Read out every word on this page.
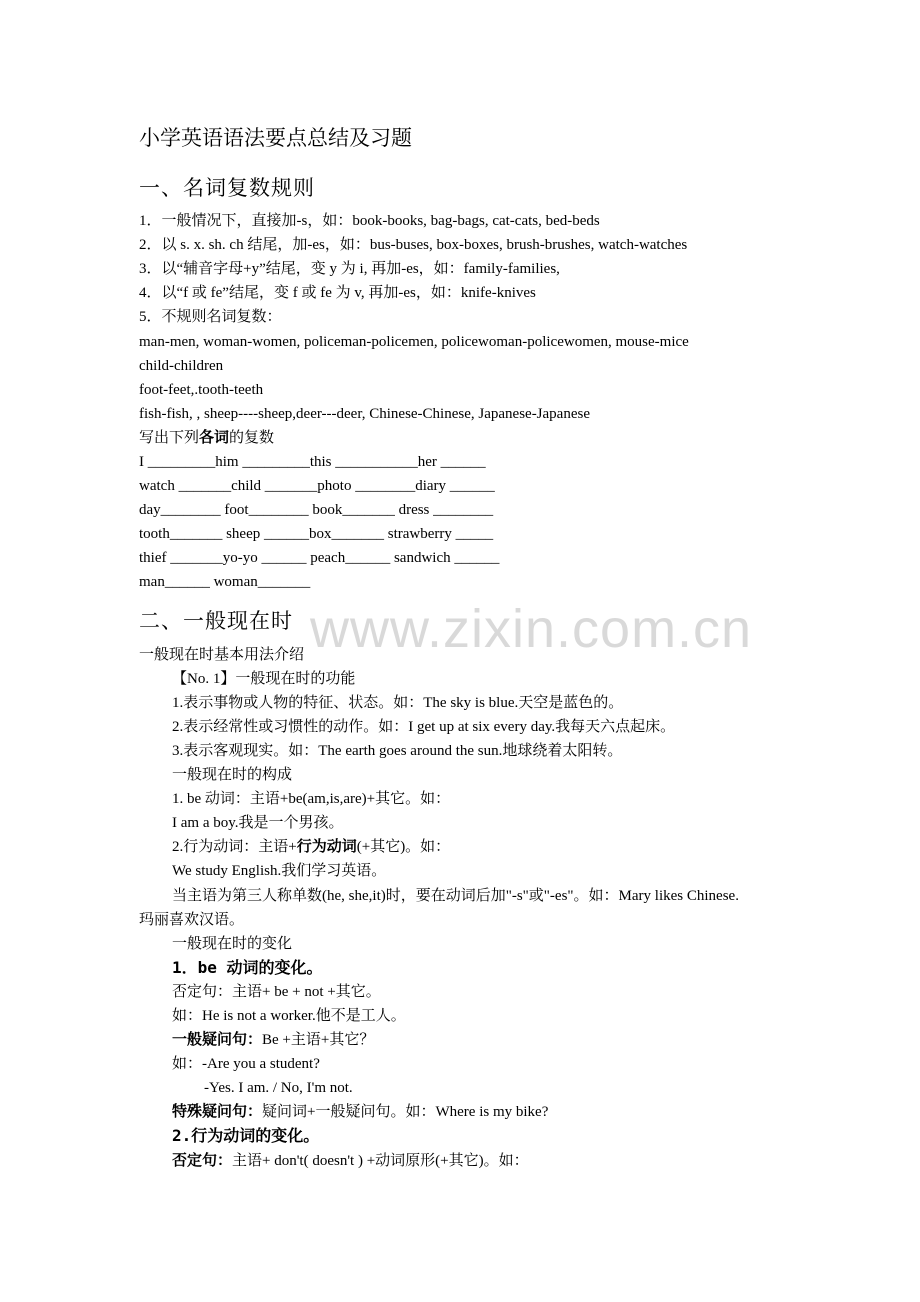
www.zixin.com.cn
小学英语语法要点总结及习题
一、名词复数规则

1．一般情况下，直接加-s，如：book-books, bag-bags, cat-cats, bed-beds

2．以 s. x. sh. ch 结尾，加-es，如：bus-buses, box-boxes, brush-brushes, watch-watches

3．以“辅音字母+y”结尾，变 y 为 i, 再加-es，如：family-families,

4．以“f 或 fe”结尾，变 f 或 fe 为 v, 再加-es，如：knife-knives

5．不规则名词复数：

man-men, woman-women, policeman-policemen, policewoman-policewomen, mouse-mice

child-children

foot-feet,.tooth-teeth

fish-fish, , sheep----sheep,deer---deer, Chinese-Chinese, Japanese-Japanese

写出下列各词的复数

I _________him _________this ___________her ______

watch _______child _______photo ________diary ______

day________ foot________ book_______ dress ________

tooth_______ sheep ______box_______ strawberry _____

thief _______yo-yo ______ peach______ sandwich ______

man______ woman_______

二、一般现在时

一般现在时基本用法介绍

【No. 1】一般现在时的功能

1.表示事物或人物的特征、状态。如：The sky is blue.天空是蓝色的。

2.表示经常性或习惯性的动作。如：I get up at six every day.我每天六点起床。

3.表示客观现实。如：The earth goes around the sun.地球绕着太阳转。

一般现在时的构成

1. be 动词：主语+be(am,is,are)+其它。如：

I am a boy.我是一个男孩。

2.行为动词：主语+行为动词(+其它)。如：

We study English.我们学习英语。

当主语为第三人称单数(he, she,it)时，要在动词后加"-s"或"-es"。如：Mary likes Chinese.

玛丽喜欢汉语。

一般现在时的变化

1．be 动词的变化。

否定句：主语+ be + not +其它。

如：He is not a worker.他不是工人。

一般疑问句：Be +主语+其它？

如：-Are you a student?

-Yes. I am. / No, I'm not.

特殊疑问句：疑问词+一般疑问句。如：Where is my bike?

2.行为动词的变化。

否定句：主语+ don't( doesn't ) +动词原形(+其它)。如：
